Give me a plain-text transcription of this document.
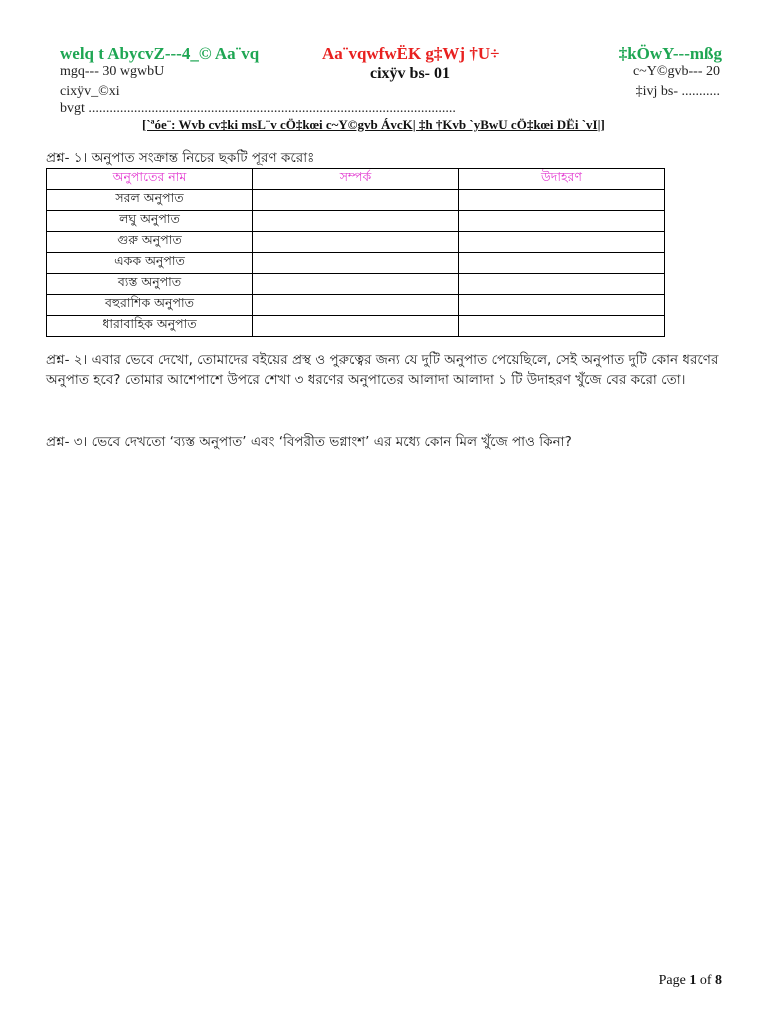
welq t AbycvZ---4_© Aa¨vq	Aa¨vqwfwËK g‡Wj †U÷	‡kÖwY---mßg
mgq--- 30 wgwbU	cixÿv bs- 01	c~Y©gvb--- 20
cixÿv_©xi	‡ivj bs- ...........
bvgt .........................................................................................................
[`ªóe¨: Wvb cv‡ki msL¨v cÖ‡kœi c~Y©gvb ÁvcK| ‡h †Kvb `yBwU cÖ‡kœi DËi `vI|]
প্রশ্ন- ১। অনুপাত সংক্রান্ত নিচের ছকটি পূরণ করোঃ
অনুপাতের নাম	সম্পর্ক	উদাহরণ
সরল অনুপাত		
লঘু অনুপাত		
গুরু অনুপাত		
একক অনুপাত		
ব্যস্ত অনুপাত		
বহুরাশিক অনুপাত		
ধারাবাহিক অনুপাত		
প্রশ্ন- ২। এবার ভেবে দেখো, তোমাদের বইয়ের প্রস্থ ও পুরুত্বের জন্য যে দুটি অনুপাত পেয়েছিলে, সেই অনুপাত দুটি কোন ধরণের অনুপাত হবে? তোমার আশেপাশে উপরে শেখা ৩ ধরণের অনুপাতের আলাদা আলাদা ১ টি উদাহরণ খুঁজে বের করো তো।
প্রশ্ন- ৩। ভেবে দেখতো ‘ব্যস্ত অনুপাত’ এবং ‘বিপরীত ভগ্নাংশ’ এর মধ্যে কোন মিল খুঁজে পাও কিনা?
Page 1 of 8
